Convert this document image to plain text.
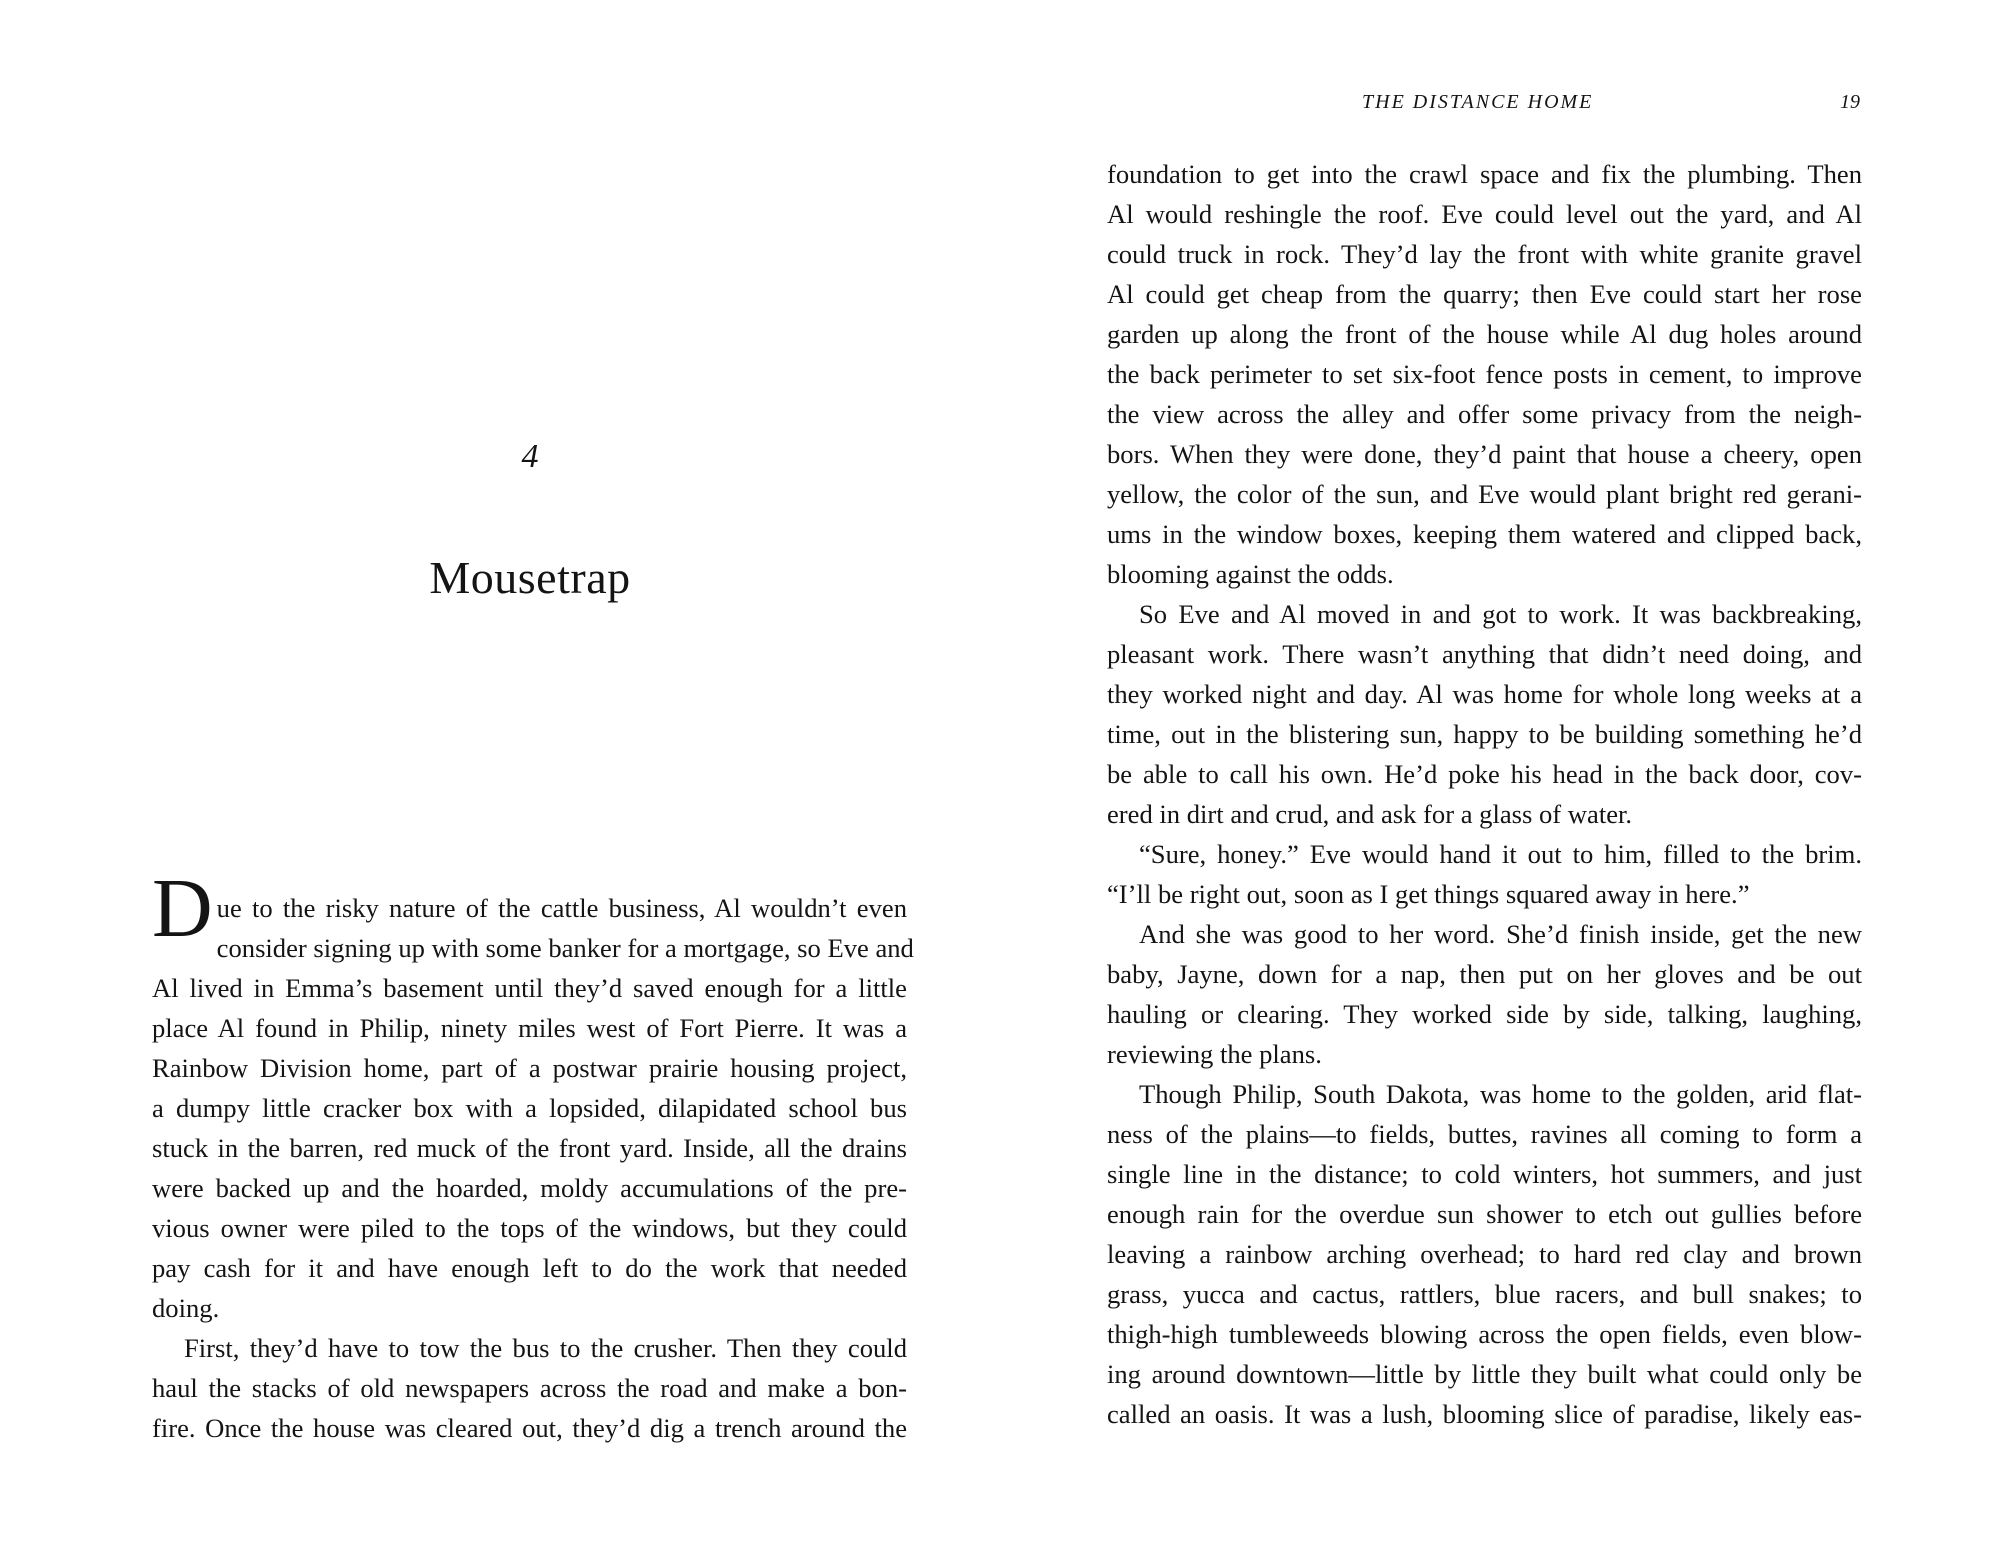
4
Mousetrap
D ue to the risky nature of the cattle business, Al wouldn’t even
consider signing up with some banker for a mortgage, so Eve and
Al lived in Emma’s basement until they’d saved enough for a little
place Al found in Philip, ninety miles west of Fort Pierre. It was a
Rainbow Division home, part of a postwar prairie housing project,
a dumpy little cracker box with a lopsided, dilapidated school bus
stuck in the barren, red muck of the front yard. Inside, all the drains
were backed up and the hoarded, moldy accumulations of the pre-
vious owner were piled to the tops of the windows, but they could
pay cash for it and have enough left to do the work that needed
doing.
First, they’d have to tow the bus to the crusher. Then they could
haul the stacks of old newspapers across the road and make a bon-
fire. Once the house was cleared out, they’d dig a trench around the
THE DISTANCE HOME	19
foundation to get into the crawl space and fix the plumbing. Then
Al would reshingle the roof. Eve could level out the yard, and Al
could truck in rock. They’d lay the front with white granite gravel
Al could get cheap from the quarry; then Eve could start her rose
garden up along the front of the house while Al dug holes around
the back perimeter to set six-foot fence posts in cement, to improve
the view across the alley and offer some privacy from the neigh-
bors. When they were done, they’d paint that house a cheery, open
yellow, the color of the sun, and Eve would plant bright red gerani-
ums in the window boxes, keeping them watered and clipped back,
blooming against the odds.
So Eve and Al moved in and got to work. It was backbreaking,
pleasant work. There wasn’t anything that didn’t need doing, and
they worked night and day. Al was home for whole long weeks at a
time, out in the blistering sun, happy to be building something he’d
be able to call his own. He’d poke his head in the back door, cov-
ered in dirt and crud, and ask for a glass of water.
“Sure, honey.” Eve would hand it out to him, filled to the brim.
“I’ll be right out, soon as I get things squared away in here.”
And she was good to her word. She’d finish inside, get the new
baby, Jayne, down for a nap, then put on her gloves and be out
hauling or clearing. They worked side by side, talking, laughing,
reviewing the plans.
Though Philip, South Dakota, was home to the golden, arid flat-
ness of the plains—to fields, buttes, ravines all coming to form a
single line in the distance; to cold winters, hot summers, and just
enough rain for the overdue sun shower to etch out gullies before
leaving a rainbow arching overhead; to hard red clay and brown
grass, yucca and cactus, rattlers, blue racers, and bull snakes; to
thigh-high tumbleweeds blowing across the open fields, even blow-
ing around downtown—little by little they built what could only be
called an oasis. It was a lush, blooming slice of paradise, likely eas-
